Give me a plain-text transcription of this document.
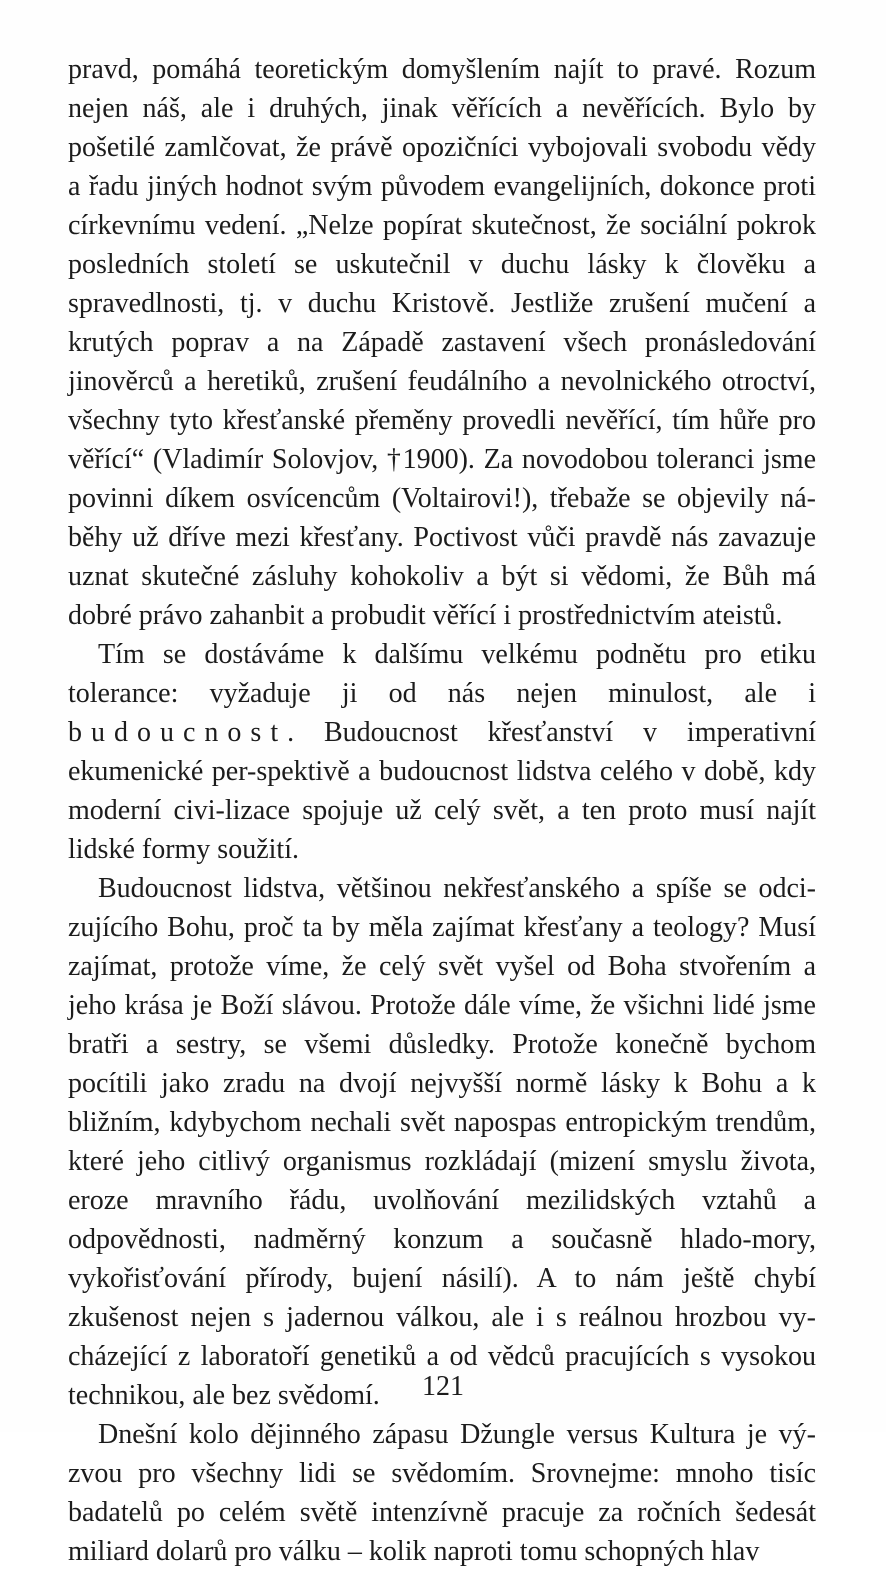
pravd, pomáhá teoretickým domyšlením najít to pravé. Rozum nejen náš, ale i druhých, jinak věřících a nevěřících. Bylo by pošetilé zamlčovat, že právě opozičníci vybojovali svobodu vědy a řadu jiných hodnot svým původem evangelijních, dokonce proti církevnímu vedení. „Nelze popírat skutečnost, že sociální pokrok posledních století se uskutečnil v duchu lásky k člověku a spravedlnosti, tj. v duchu Kristově. Jestliže zrušení mučení a krutých poprav a na Západě zastavení všech pronásledování jinověrců a heretiků, zrušení feudálního a nevolnického otroctví, všechny tyto křesťanské přeměny provedli nevěřící, tím hůře pro věřící“ (Vladimír Solovjov, †1900). Za novodobou toleranci jsme povinni díkem osvícencům (Voltairovi!), třebaže se objevily ná-běhy už dříve mezi křesťany. Poctivost vůči pravdě nás zavazuje uznat skutečné zásluhy kohokoliv a být si vědomi, že Bůh má dobré právo zahanbit a probudit věřící i prostřednictvím ateistů.

Tím se dostáváme k dalšímu velkému podnětu pro etiku tolerance: vyžaduje ji od nás nejen minulost, ale i budoucnost. Budoucnost křesťanství v imperativní ekumenické per-spektivě a budoucnost lidstva celého v době, kdy moderní civi-lizace spojuje už celý svět, a ten proto musí najít lidské formy soužití.

Budoucnost lidstva, většinou nekřesťanského a spíše se odci-zujícího Bohu, proč ta by měla zajímat křesťany a teology? Musí zajímat, protože víme, že celý svět vyšel od Boha stvořením a jeho krása je Boží slávou. Protože dále víme, že všichni lidé jsme bratři a sestry, se všemi důsledky. Protože konečně bychom pocítili jako zradu na dvojí nejvyšší normě lásky k Bohu a k bližním, kdybychom nechali svět napospas entropickým trendům, které jeho citlivý organismus rozkládají (mizení smyslu života, eroze mravního řádu, uvolňování mezilidských vztahů a odpovědnosti, nadměrný konzum a současně hlado-mory, vykořisťování přírody, bujení násilí). A to nám ještě chybí zkušenost nejen s jadernou válkou, ale i s reálnou hrozbou vy-cházející z laboratoří genetiků a od vědců pracujících s vysokou technikou, ale bez svědomí.

Dnešní kolo dějinného zápasu Džungle versus Kultura je vý-zvou pro všechny lidi se svědomím. Srovnejme: mnoho tisíc badatelů po celém světě intenzívně pracuje za ročních šedesát miliard dolarů pro válku – kolik naproti tomu schopných hlav

121
